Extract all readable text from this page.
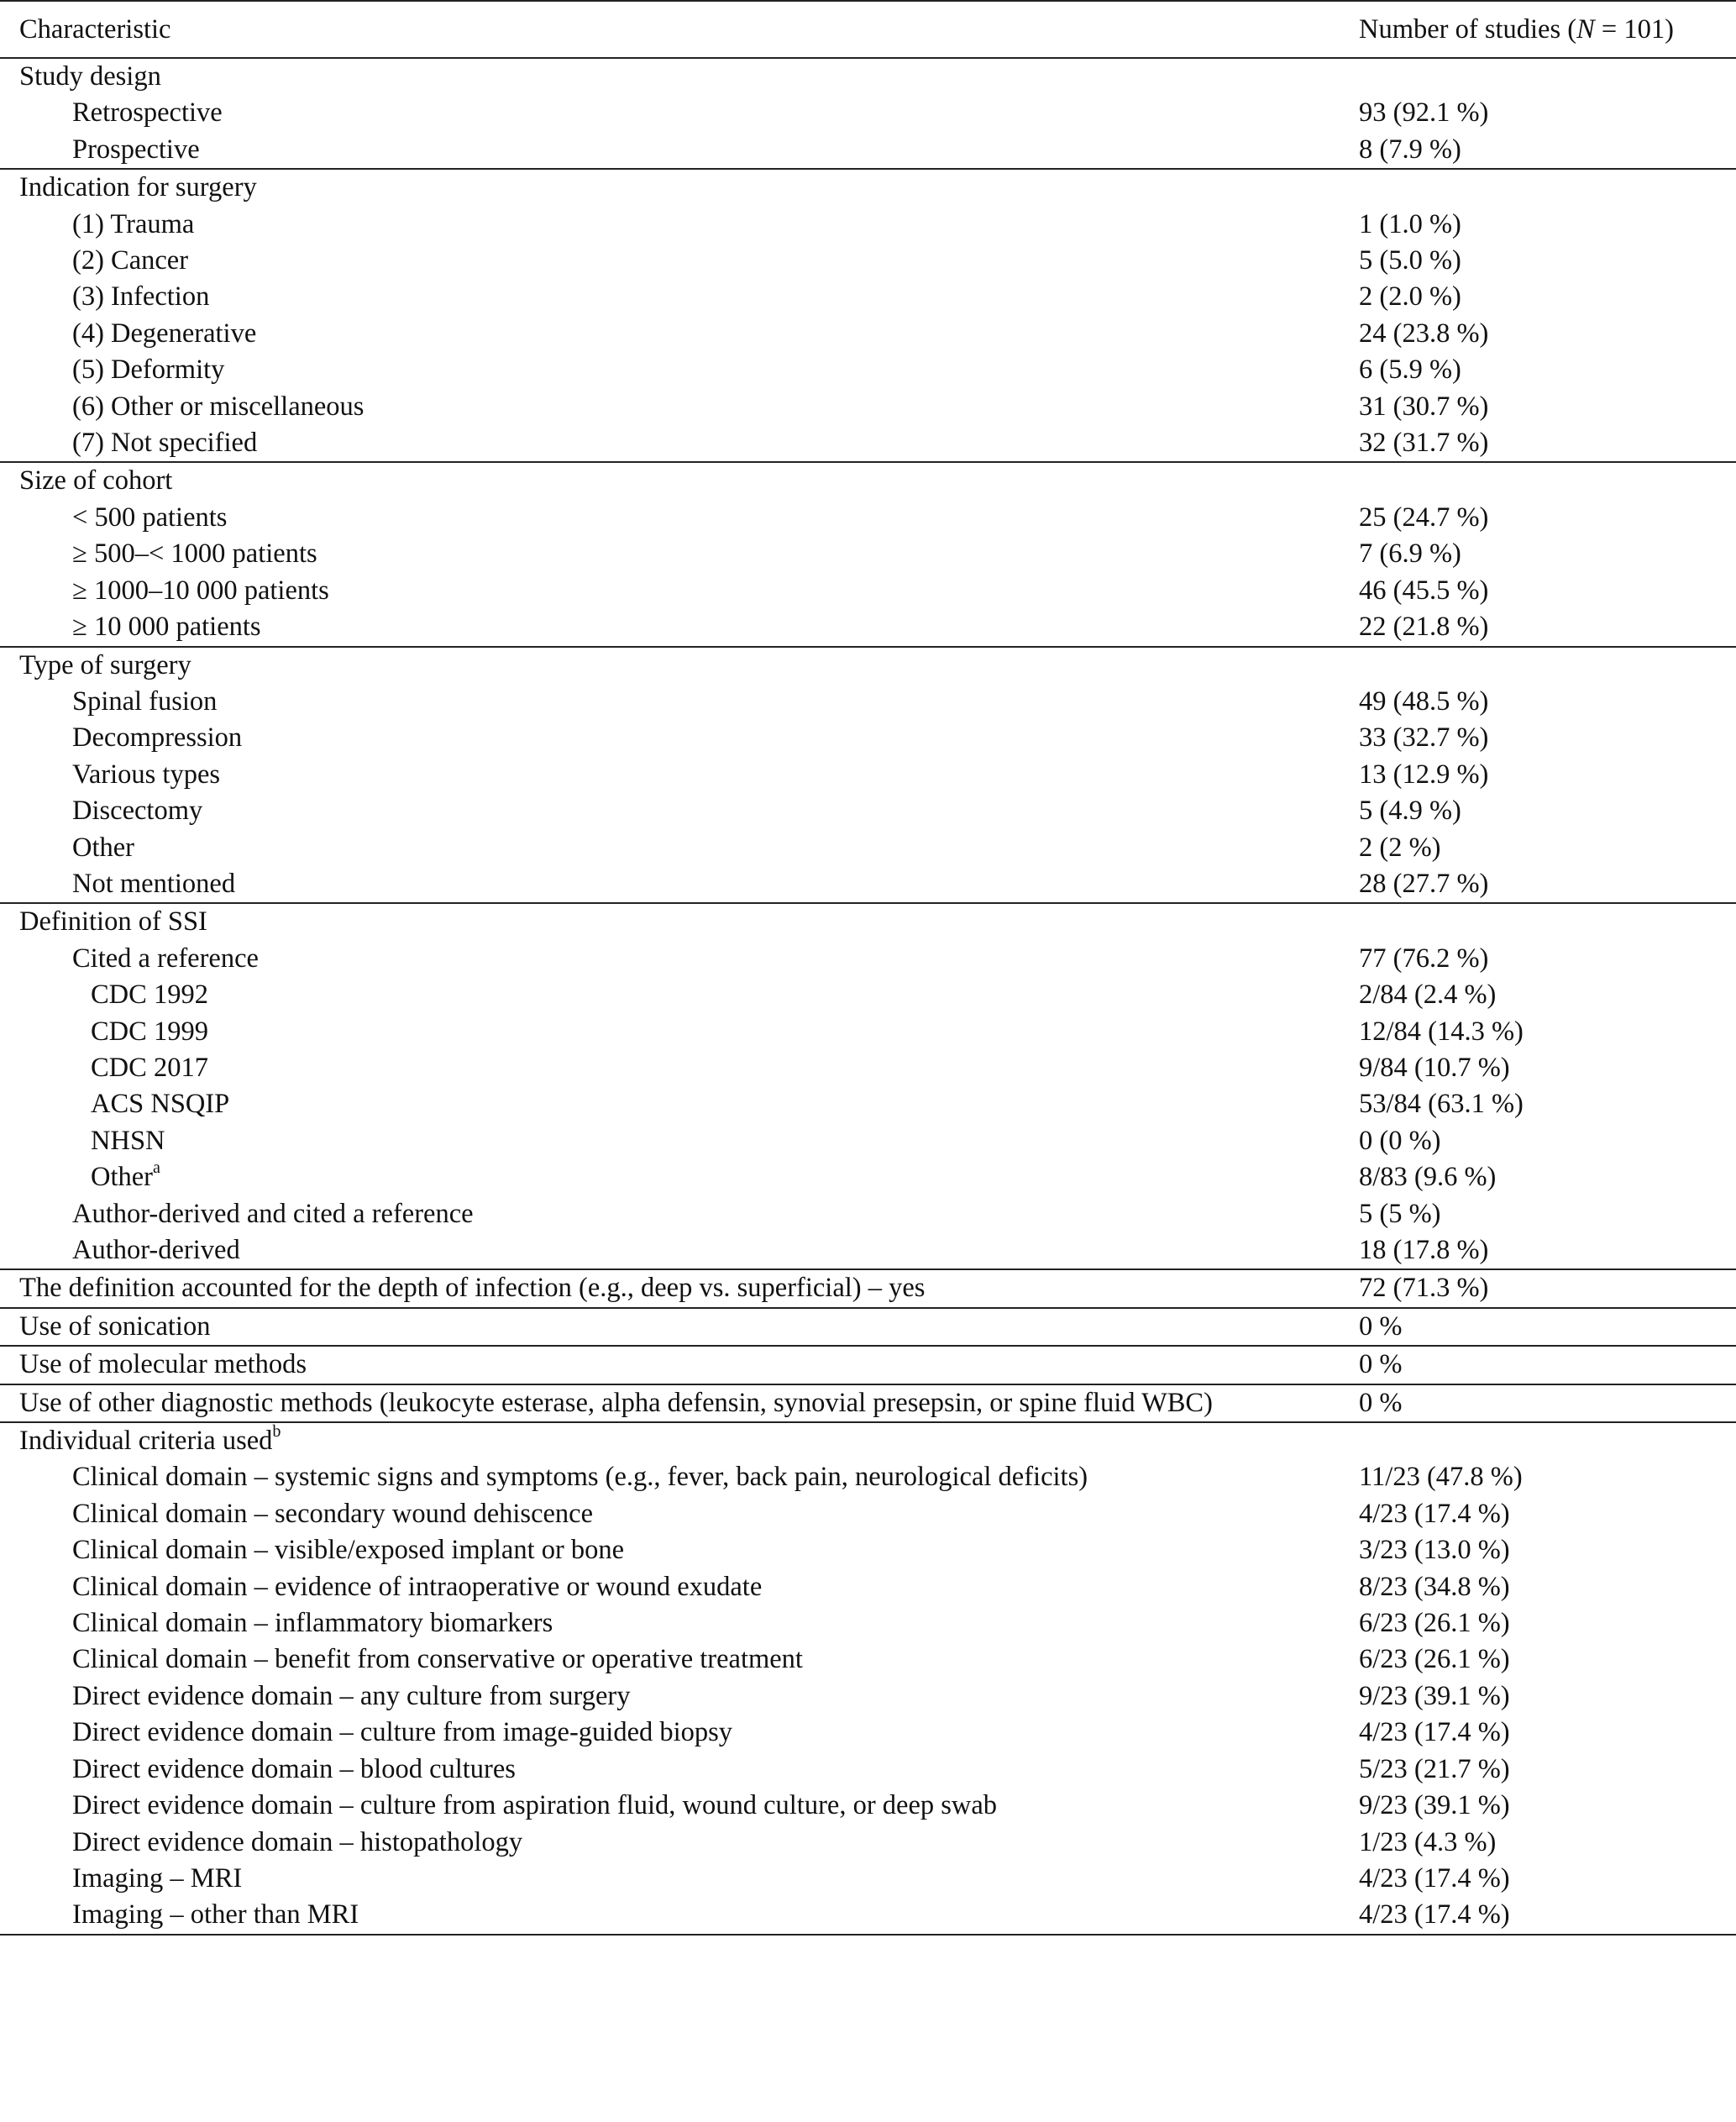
Characteristic	Number of studies (N = 101)
Study design	
Retrospective	93 (92.1 %)
Prospective	8 (7.9 %)
Indication for surgery	
(1) Trauma	1 (1.0 %)
(2) Cancer	5 (5.0 %)
(3) Infection	2 (2.0 %)
(4) Degenerative	24 (23.8 %)
(5) Deformity	6 (5.9 %)
(6) Other or miscellaneous	31 (30.7 %)
(7) Not specified	32 (31.7 %)
Size of cohort	
< 500 patients	25 (24.7 %)
≥ 500–< 1000 patients	7 (6.9 %)
≥ 1000–10 000 patients	46 (45.5 %)
≥ 10 000 patients	22 (21.8 %)
Type of surgery	
Spinal fusion	49 (48.5 %)
Decompression	33 (32.7 %)
Various types	13 (12.9 %)
Discectomy	5 (4.9 %)
Other	2 (2 %)
Not mentioned	28 (27.7 %)
Definition of SSI	
Cited a reference	77 (76.2 %)
CDC 1992	2/84 (2.4 %)
CDC 1999	12/84 (14.3 %)
CDC 2017	9/84 (10.7 %)
ACS NSQIP	53/84 (63.1 %)
NHSN	0 (0 %)
Other$^a$	8/83 (9.6 %)
Author-derived and cited a reference	5 (5 %)
Author-derived	18 (17.8 %)
The definition accounted for the depth of infection (e.g., deep vs. superficial) – yes	72 (71.3 %)
Use of sonication	0 %
Use of molecular methods	0 %
Use of other diagnostic methods (leukocyte esterase, alpha defensin, synovial presepsin, or spine fluid WBC)	0 %
Individual criteria used$^b$	
Clinical domain – systemic signs and symptoms (e.g., fever, back pain, neurological deficits)	11/23 (47.8 %)
Clinical domain – secondary wound dehiscence	4/23 (17.4 %)
Clinical domain – visible/exposed implant or bone	3/23 (13.0 %)
Clinical domain – evidence of intraoperative or wound exudate	8/23 (34.8 %)
Clinical domain – inflammatory biomarkers	6/23 (26.1 %)
Clinical domain – benefit from conservative or operative treatment	6/23 (26.1 %)
Direct evidence domain – any culture from surgery	9/23 (39.1 %)
Direct evidence domain – culture from image-guided biopsy	4/23 (17.4 %)
Direct evidence domain – blood cultures	5/23 (21.7 %)
Direct evidence domain – culture from aspiration fluid, wound culture, or deep swab	9/23 (39.1 %)
Direct evidence domain – histopathology	1/23 (4.3 %)
Imaging – MRI	4/23 (17.4 %)
Imaging – other than MRI	4/23 (17.4 %)
